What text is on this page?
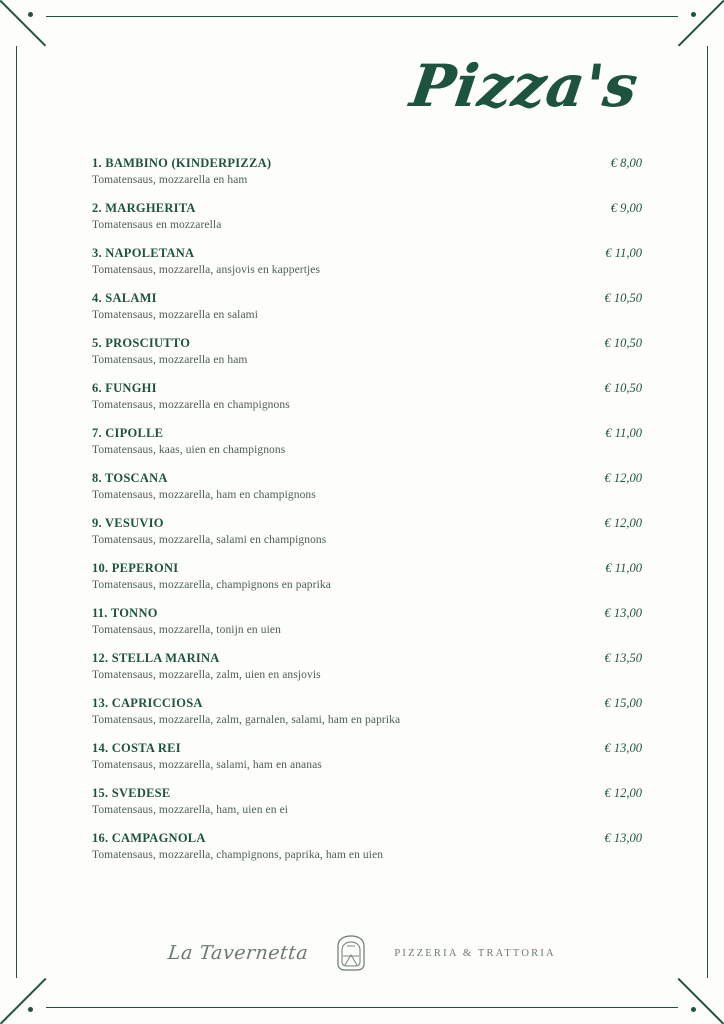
Pizza's
1. BAMBINO (KINDERPIZZA)	€ 8,00
Tomatensaus, mozzarella en ham
2. MARGHERITA	€ 9,00
Tomatensaus en mozzarella
3. NAPOLETANA	€ 11,00
Tomatensaus, mozzarella, ansjovis en kappertjes
4. SALAMI	€ 10,50
Tomatensaus, mozzarella en salami
5. PROSCIUTTO	€ 10,50
Tomatensaus, mozzarella en ham
6. FUNGHI	€ 10,50
Tomatensaus, mozzarella en champignons
7. CIPOLLE	€ 11,00
Tomatensaus, kaas, uien en champignons
8. TOSCANA	€ 12,00
Tomatensaus, mozzarella, ham en champignons
9. VESUVIO	€ 12,00
Tomatensaus, mozzarella, salami en champignons
10. PEPERONI	€ 11,00
Tomatensaus, mozzarella, champignons en paprika
11. TONNO	€ 13,00
Tomatensaus, mozzarella, tonijn en uien
12. STELLA MARINA	€ 13,50
Tomatensaus, mozzarella, zalm, uien en ansjovis
13. CAPRICCIOSA	€ 15,00
Tomatensaus, mozzarella, zalm, garnalen, salami, ham en paprika
14. COSTA REI	€ 13,00
Tomatensaus, mozzarella, salami, ham en ananas
15. SVEDESE	€ 12,00
Tomatensaus, mozzarella, ham, uien en ei
16. CAMPAGNOLA	€ 13,00
Tomatensaus, mozzarella, champignons, paprika, ham en uien
La Tavernetta	PIZZERIA & TRATTORIA
